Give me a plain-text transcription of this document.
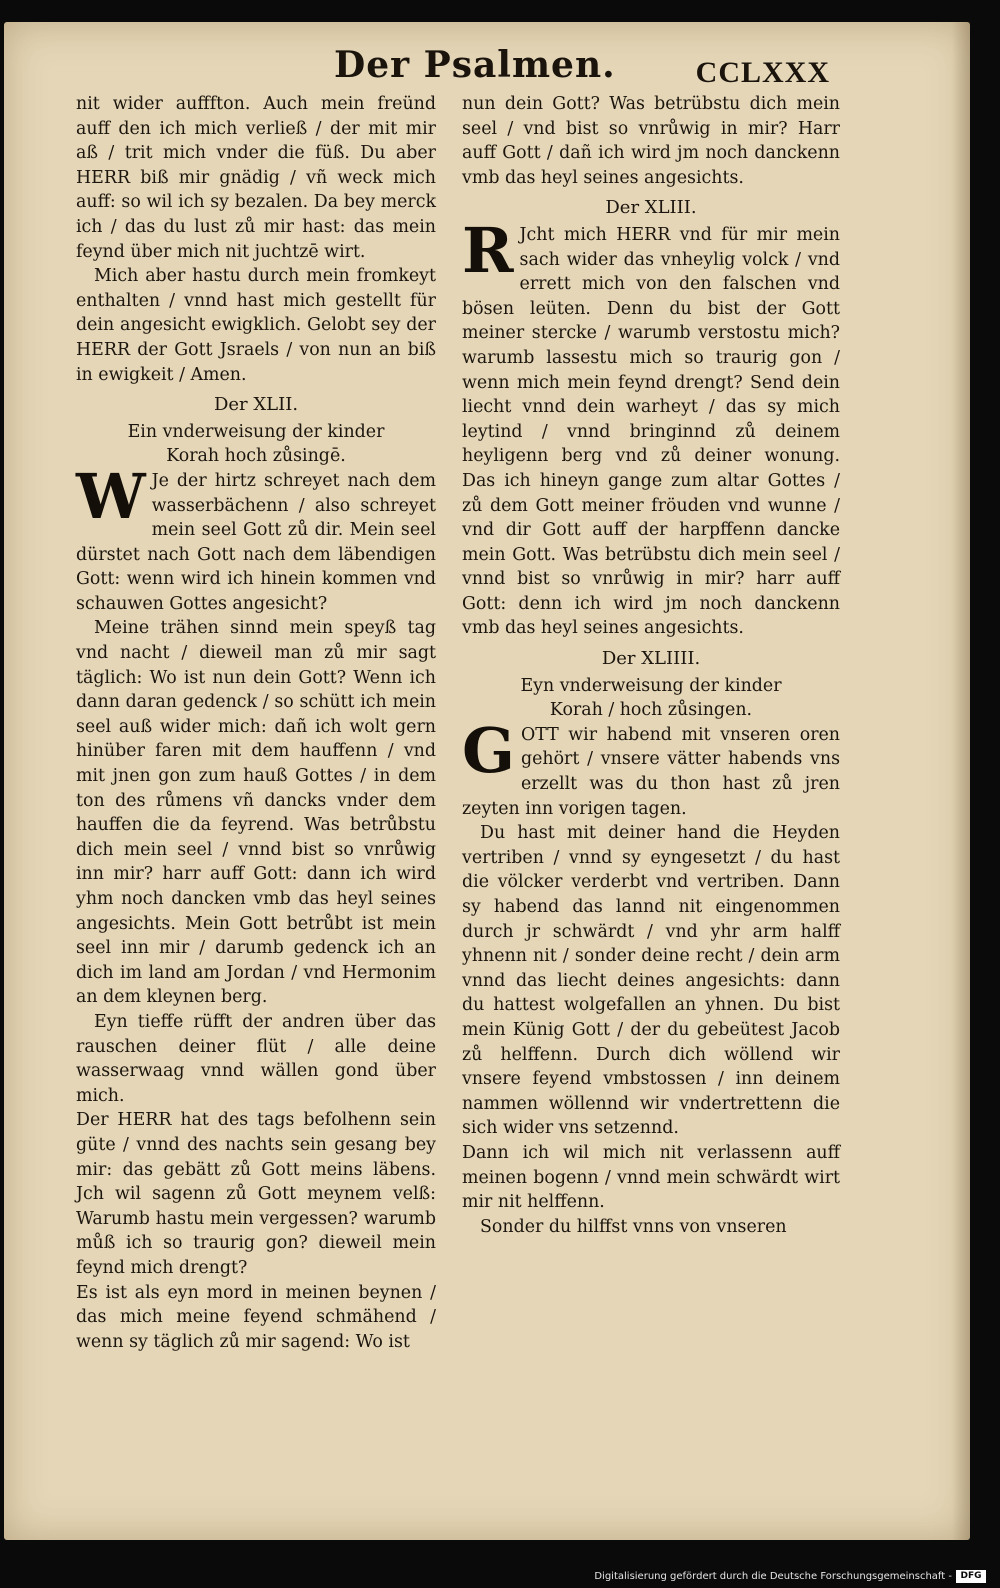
Der Psalmen.	CCLXXX

nit wider aufffton. Auch mein freünd auff den ich mich verließ / der mit mir aß / trit mich vnder die füß. Du aber HERR biß mir gnädig / vñ weck mich auff: so wil ich sy bezalen. Da bey merck ich / das du lust zů mir hast: das mein feynd über mich nit juchtzē wirt.

Mich aber hastu durch mein fromkeyt enthalten / vnnd hast mich gestellt für dein angesicht ewigklich. Gelobt sey der HERR der Gott Jsraels / von nun an biß in ewigkeit / Amen.

Der XLII.

Ein vnderweisung der kinder

Korah hoch zůsingē.

W Je der hirtz schreyet nach dem wasserbächenn / also schreyet mein seel Gott zů dir. Mein seel dürstet nach Gott nach dem läbendigen Gott: wenn wird ich hinein kommen vnd schauwen Gottes angesicht?

Meine trähen sinnd mein speyß tag vnd nacht / dieweil man zů mir sagt täglich: Wo ist nun dein Gott? Wenn ich dann daran gedenck / so schütt ich mein seel auß wider mich: dañ ich wolt gern hinüber faren mit dem hauffenn / vnd mit jnen gon zum hauß Gottes / in dem ton des růmens vñ dancks vnder dem hauffen die da feyrend. Was betrůbstu dich mein seel / vnnd bist so vnrůwig inn mir? harr auff Gott: dann ich wird yhm noch dancken vmb das heyl seines angesichts. Mein Gott betrůbt ist mein seel inn mir / darumb gedenck ich an dich im land am Jordan / vnd Hermonim an dem kleynen berg.

Eyn tieffe rüfft der andren über das rauschen deiner flüt / alle deine wasserwaag vnnd wällen gond über mich.

Der HERR hat des tags befolhenn sein güte / vnnd des nachts sein gesang bey mir: das gebätt zů Gott meins läbens. Jch wil sagenn zů Gott meynem velß: Warumb hastu mein vergessen? warumb můß ich so traurig gon? dieweil mein feynd mich drengt?

Es ist als eyn mord in meinen beynen / das mich meine feyend schmähend / wenn sy täglich zů mir sagend: Wo ist

nun dein Gott? Was betrübstu dich mein seel / vnd bist so vnrůwig in mir? Harr auff Gott / dañ ich wird jm noch danckenn vmb das heyl seines angesichts.

Der XLIII.

R Jcht mich HERR vnd für mir mein sach wider das vnheylig volck / vnd errett mich von den falschen vnd bösen leüten. Denn du bist der Gott meiner stercke / warumb verstostu mich? warumb lassestu mich so traurig gon / wenn mich mein feynd drengt? Send dein liecht vnnd dein warheyt / das sy mich leytind / vnnd bringinnd zů deinem heyligenn berg vnd zů deiner wonung. Das ich hineyn gange zum altar Gottes / zů dem Gott meiner fröuden vnd wunne / vnd dir Gott auff der harpffenn dancke mein Gott. Was betrübstu dich mein seel / vnnd bist so vnrůwig in mir? harr auff Gott: denn ich wird jm noch danckenn vmb das heyl seines angesichts.

Der XLIIII.

Eyn vnderweisung der kinder

Korah / hoch zůsingen.

GOTT wir habend mit vnseren oren gehört / vnsere vätter habends vns erzellt was du thon hast zů jren zeyten inn vorigen tagen.

Du hast mit deiner hand die Heyden vertriben / vnnd sy eyngesetzt / du hast die völcker verderbt vnd vertriben. Dann sy habend das lannd nit eingenommen durch jr schwärdt / vnd yhr arm halff yhnenn nit / sonder deine recht / dein arm vnnd das liecht deines angesichts: dann du hattest wolgefallen an yhnen. Du bist mein Künig Gott / der du gebeütest Jacob zů helffenn. Durch dich wöllend wir vnsere feyend vmbstossen / inn deinem nammen wöllennd wir vndertrettenn die sich wider vns setzennd.

Dann ich wil mich nit verlassenn auff meinen bogenn / vnnd mein schwärdt wirt mir nit helffenn.

Sonder du hilffst vnns von vnseren

Digitalisierung gefördert durch die Deutsche Forschungsgemeinschaft - DFG
